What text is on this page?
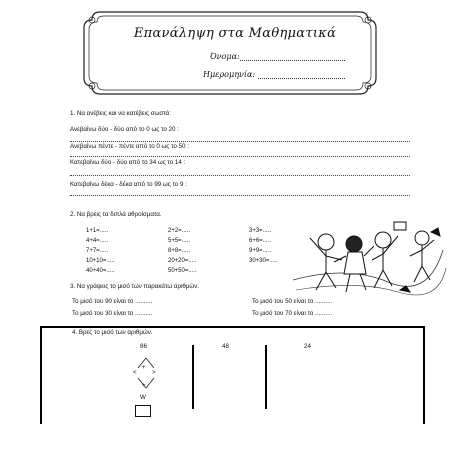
Επανάληψη στα Μαθηματικά
Όνομα:
Ημερομηνία:
1. Να ανέβεις και να κατέβεις σωστά:
Ανεβαίνω δύο - δύο από το 0 ως το 20 :
Ανεβαίνω πέντε - πέντε από το 0 ως το 50 :
Κατεβαίνω δύο - δύο από το 34 ως το 14 :
Κατεβαίνω δέκα - δέκα από το 99 ως το 9 :
2. Να βρεις τα διπλά αθροίσματα.
1+1=.....
4+4=.....
7+7=.....
10+10=.....
40+40=.....
2+2=.....
5+5=.....
8+8=.....
20+20=.....
50+50=.....
3+3=.....
6+6=.....
9+9=.....
30+30=.....
3. Να γράψεις το μισό των παρακάτω αριθμών.
Το μισό του 90 είναι το ..........
Το μισό του 30 είναι το ..........
Το μισό του 50 είναι το ..........
Το μισό του 70 είναι το ..........
4. Βρες το μισό των αριθμών.
86	48	24
<
+
>
+
W
